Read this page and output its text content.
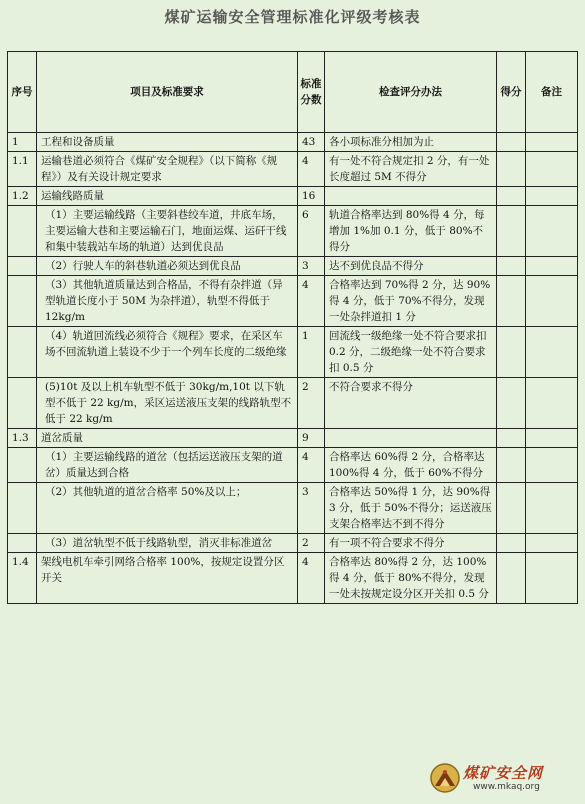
煤矿运输安全管理标准化评级考核表
序号	项目及标准要求	标准分数	检查评分办法	得分	备注
1	工程和设备质量	43	各小项标准分相加为止		
1.1	运输巷道必须符合《煤矿安全规程》（以下简称《规程》）及有关设计规定要求	4	有一处不符合规定扣 2 分，有一处长度超过 5M 不得分		
1.2	运输线路质量	16			
	（1）主要运输线路（主要斜巷绞车道，井底车场，主要运输大巷和主要运输石门，地面运煤、运矸干线和集中装载站车场的轨道）达到优良品	6	轨道合格率达到 80%得 4 分，每增加 1%加 0.1 分，低于 80%不得分		
	（2）行驶人车的斜巷轨道必须达到优良品	3	达不到优良品不得分		
	（3）其他轨道质量达到合格品，不得有杂拌道（异型轨道长度小于 50M 为杂拌道），轨型不得低于 12kg/m	4	合格率达到 70%得 2 分，达 90%得 4 分，低于 70%不得分，发现一处杂拌道扣 1 分		
	（4）轨道回流线必须符合《规程》要求，在采区车场不回流轨道上装设不少于一个列车长度的二级绝缘	1	回流线一级绝缘一处不符合要求扣 0.2 分，二级绝缘一处不符合要求扣 0.5 分		
	(5)10t 及以上机车轨型不低于 30kg/m,10t 以下轨型不低于 22 kg/m，采区运送液压支架的线路轨型不低于 22 kg/m	2	不符合要求不得分		
1.3	道岔质量	9			
	（1）主要运输线路的道岔（包括运送液压支架的道岔）质量达到合格	4	合格率达 60%得 2 分，合格率达 100%得 4 分，低于 60%不得分		
	（2）其他轨道的道岔合格率 50%及以上；	3	合格率达 50%得 1 分，达 90%得 3 分，低于 50%不得分；运送液压支架合格率达不到不得分		
	（3）道岔轨型不低于线路轨型，消灭非标准道岔	2	有一项不符合要求不得分		
1.4	架线电机车牵引网络合格率 100%，按规定设置分区开关	4	合格率达 80%得 2 分，达 100%得 4 分，低于 80%不得分，发现一处未按规定设分区开关扣 0.5 分		
煤矿安全网
www.mkaq.org
